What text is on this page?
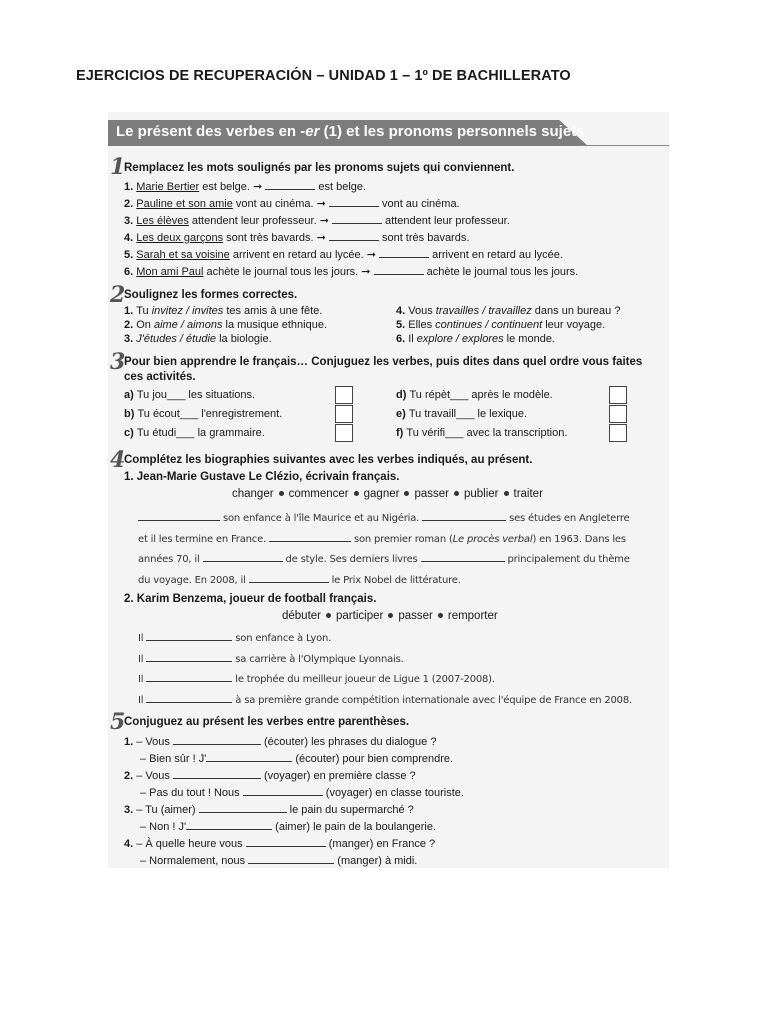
EJERCICIOS DE RECUPERACIÓN – UNIDAD 1 – 1º DE BACHILLERATO
Le présent des verbes en -er (1) et les pronoms personnels sujets
1
Remplacez les mots soulignés par les pronoms sujets qui conviennent.
1. Marie Bertier est belge. ➞	est belge.
2. Pauline et son amie vont au cinéma. ➞	vont au cinéma.
3. Les élèves attendent leur professeur. ➞	attendent leur professeur.
4. Les deux garçons sont très bavards. ➞	sont très bavards.
5. Sarah et sa voisine arrivent en retard au lycée. ➞	arrivent en retard au lycée.
6. Mon ami Paul achète le journal tous les jours. ➞	achète le journal tous les jours.
2
Soulignez les formes correctes.
1. Tu invitez / invites tes amis à une fête.
2. On aime / aimons la musique ethnique.
3. J'études / étudie la biologie.
4. Vous travailles / travaillez dans un bureau ?
5. Elles continues / continuent leur voyage.
6. Il explore / explores le monde.
3
Pour bien apprendre le français… Conjuguez les verbes, puis dites dans quel ordre vous faites
ces activités.
a) Tu jou___ les situations.
b) Tu écout___ l'enregistrement.
c) Tu étudi___ la grammaire.
d) Tu répèt___ après le modèle.
e) Tu travaill___ le lexique.
f) Tu vérifi___ avec la transcription.
4
Complétez les biographies suivantes avec les verbes indiqués, au présent.
1. Jean-Marie Gustave Le Clézio, écrivain français.
changer commencer gagner passer publier traiter
son enfance à l'île Maurice et au Nigéria.	ses études en Angleterre
et il les termine en France.	son premier roman (Le procès verbal) en 1963. Dans les
années 70, il	de style. Ses derniers livres	principalement du thème
du voyage. En 2008, il	le Prix Nobel de littérature.
2. Karim Benzema, joueur de football français.
débuter participer passer remporter
Il	son enfance à Lyon.
Il	sa carrière à l'Olympique Lyonnais.
Il	le trophée du meilleur joueur de Ligue 1 (2007-2008).
Il	à sa première grande compétition internationale avec l'équipe de France en 2008.
5
Conjuguez au présent les verbes entre parenthèses.
1. – Vous	(écouter) les phrases du dialogue ?
– Bien sûr ! J'	(écouter) pour bien comprendre.
2. – Vous	(voyager) en première classe ?
– Pas du tout ! Nous	(voyager) en classe touriste.
3. – Tu (aimer)	le pain du supermarché ?
– Non ! J'	(aimer) le pain de la boulangerie.
4. – À quelle heure vous	(manger) en France ?
– Normalement, nous	(manger) à midi.
